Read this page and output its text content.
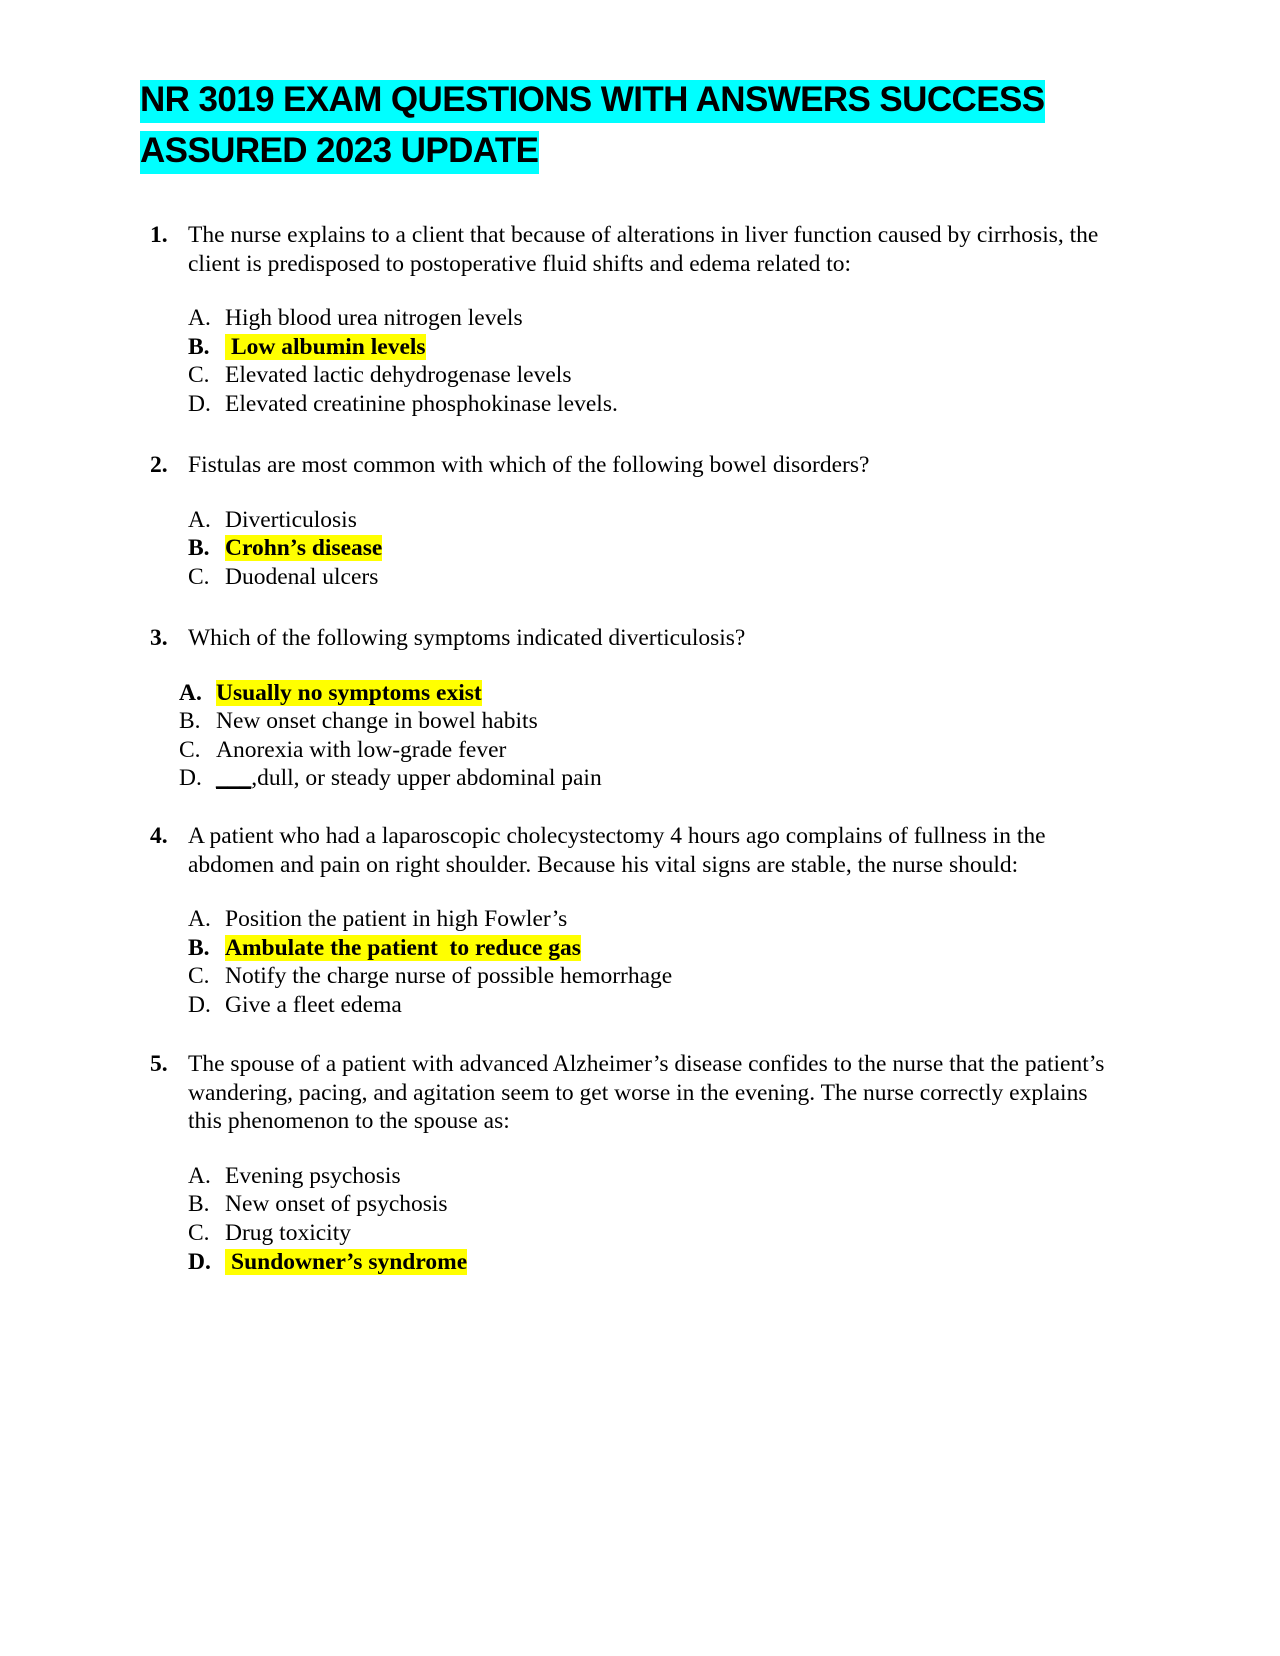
NR 3019 EXAM QUESTIONS WITH ANSWERS SUCCESS
ASSURED 2023 UPDATE
1. The nurse explains to a client that because of alterations in liver function caused by cirrhosis, the client is predisposed to postoperative fluid shifts and edema related to:
A. High blood urea nitrogen levels
B. Low albumin levels
C. Elevated lactic dehydrogenase levels
D. Elevated creatinine phosphokinase levels.
2. Fistulas are most common with which of the following bowel disorders?
A. Diverticulosis
B. Crohn’s disease
C. Duodenal ulcers
3. Which of the following symptoms indicated diverticulosis?
A. Usually no symptoms exist
B. New onset change in bowel habits
C. Anorexia with low-grade fever
D. ___,dull, or steady upper abdominal pain
4. A patient who had a laparoscopic cholecystectomy 4 hours ago complains of fullness in the abdomen and pain on right shoulder. Because his vital signs are stable, the nurse should:
A. Position the patient in high Fowler’s
B. Ambulate the patient  to reduce gas
C. Notify the charge nurse of possible hemorrhage
D. Give a fleet edema
5. The spouse of a patient with advanced Alzheimer’s disease confides to the nurse that the patient’s wandering, pacing, and agitation seem to get worse in the evening. The nurse correctly explains this phenomenon to the spouse as:
A. Evening psychosis
B. New onset of psychosis
C. Drug toxicity
D. Sundowner’s syndrome
